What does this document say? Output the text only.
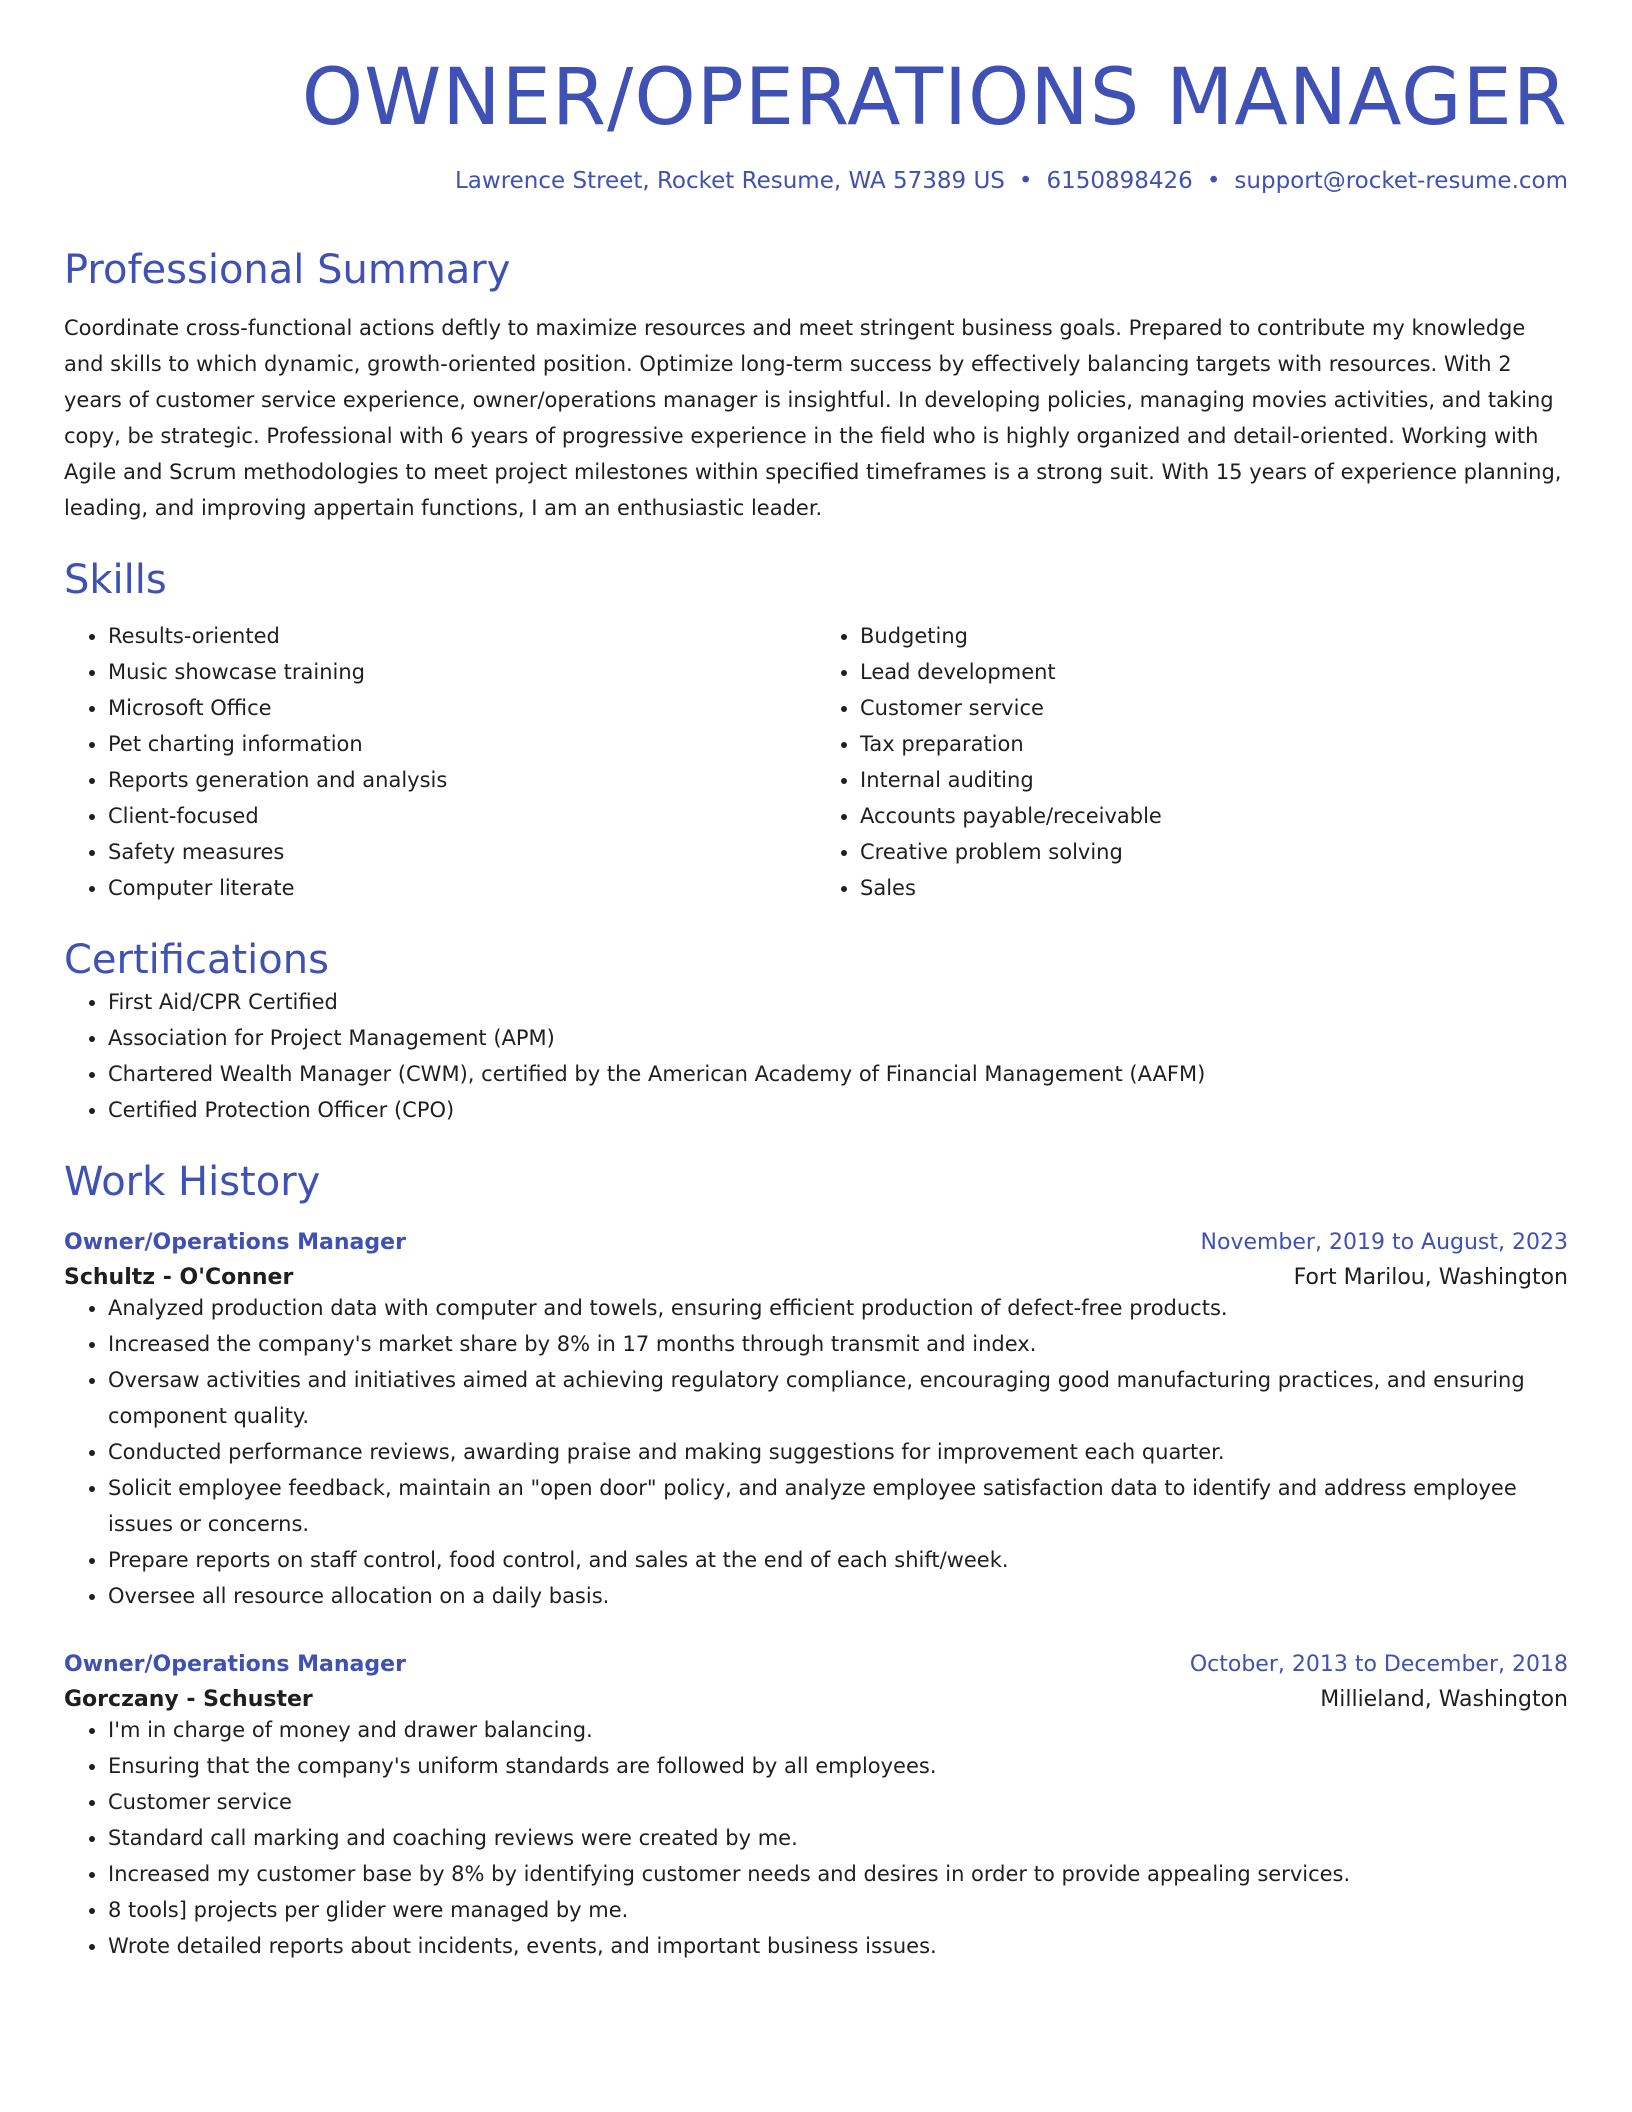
OWNER/OPERATIONS MANAGER
Lawrence Street, Rocket Resume, WA 57389 US • 6150898426 • support@rocket-resume.com
Professional Summary

Coordinate cross-functional actions deftly to maximize resources and meet stringent business goals. Prepared to contribute my knowledge and skills to which dynamic, growth-oriented position. Optimize long-term success by effectively balancing targets with resources. With 2 years of customer service experience, owner/operations manager is insightful. In developing policies, managing movies activities, and taking copy, be strategic. Professional with 6 years of progressive experience in the field who is highly organized and detail-oriented. Working with Agile and Scrum methodologies to meet project milestones within specified timeframes is a strong suit. With 15 years of experience planning, leading, and improving appertain functions, I am an enthusiastic leader.

Skills
• Results-oriented
• Music showcase training
• Microsoft Office
• Pet charting information
• Reports generation and analysis
• Client-focused
• Safety measures
• Computer literate
• Budgeting
• Lead development
• Customer service
• Tax preparation
• Internal auditing
• Accounts payable/receivable
• Creative problem solving
• Sales
Certifications
• First Aid/CPR Certified
• Association for Project Management (APM)
• Chartered Wealth Manager (CWM), certified by the American Academy of Financial Management (AAFM)
• Certified Protection Officer (CPO)
Work History
Owner/Operations Manager	November, 2019 to August, 2023
Schultz - O'Conner	Fort Marilou, Washington
• Analyzed production data with computer and towels, ensuring efficient production of defect-free products.
• Increased the company's market share by 8% in 17 months through transmit and index.
• Oversaw activities and initiatives aimed at achieving regulatory compliance, encouraging good manufacturing practices, and ensuring component quality.
• Conducted performance reviews, awarding praise and making suggestions for improvement each quarter.
• Solicit employee feedback, maintain an "open door" policy, and analyze employee satisfaction data to identify and address employee issues or concerns.
• Prepare reports on staff control, food control, and sales at the end of each shift/week.
• Oversee all resource allocation on a daily basis.
Owner/Operations Manager	October, 2013 to December, 2018
Gorczany - Schuster	Millieland, Washington
• I'm in charge of money and drawer balancing.
• Ensuring that the company's uniform standards are followed by all employees.
• Customer service
• Standard call marking and coaching reviews were created by me.
• Increased my customer base by 8% by identifying customer needs and desires in order to provide appealing services.
• 8 tools] projects per glider were managed by me.
• Wrote detailed reports about incidents, events, and important business issues.
